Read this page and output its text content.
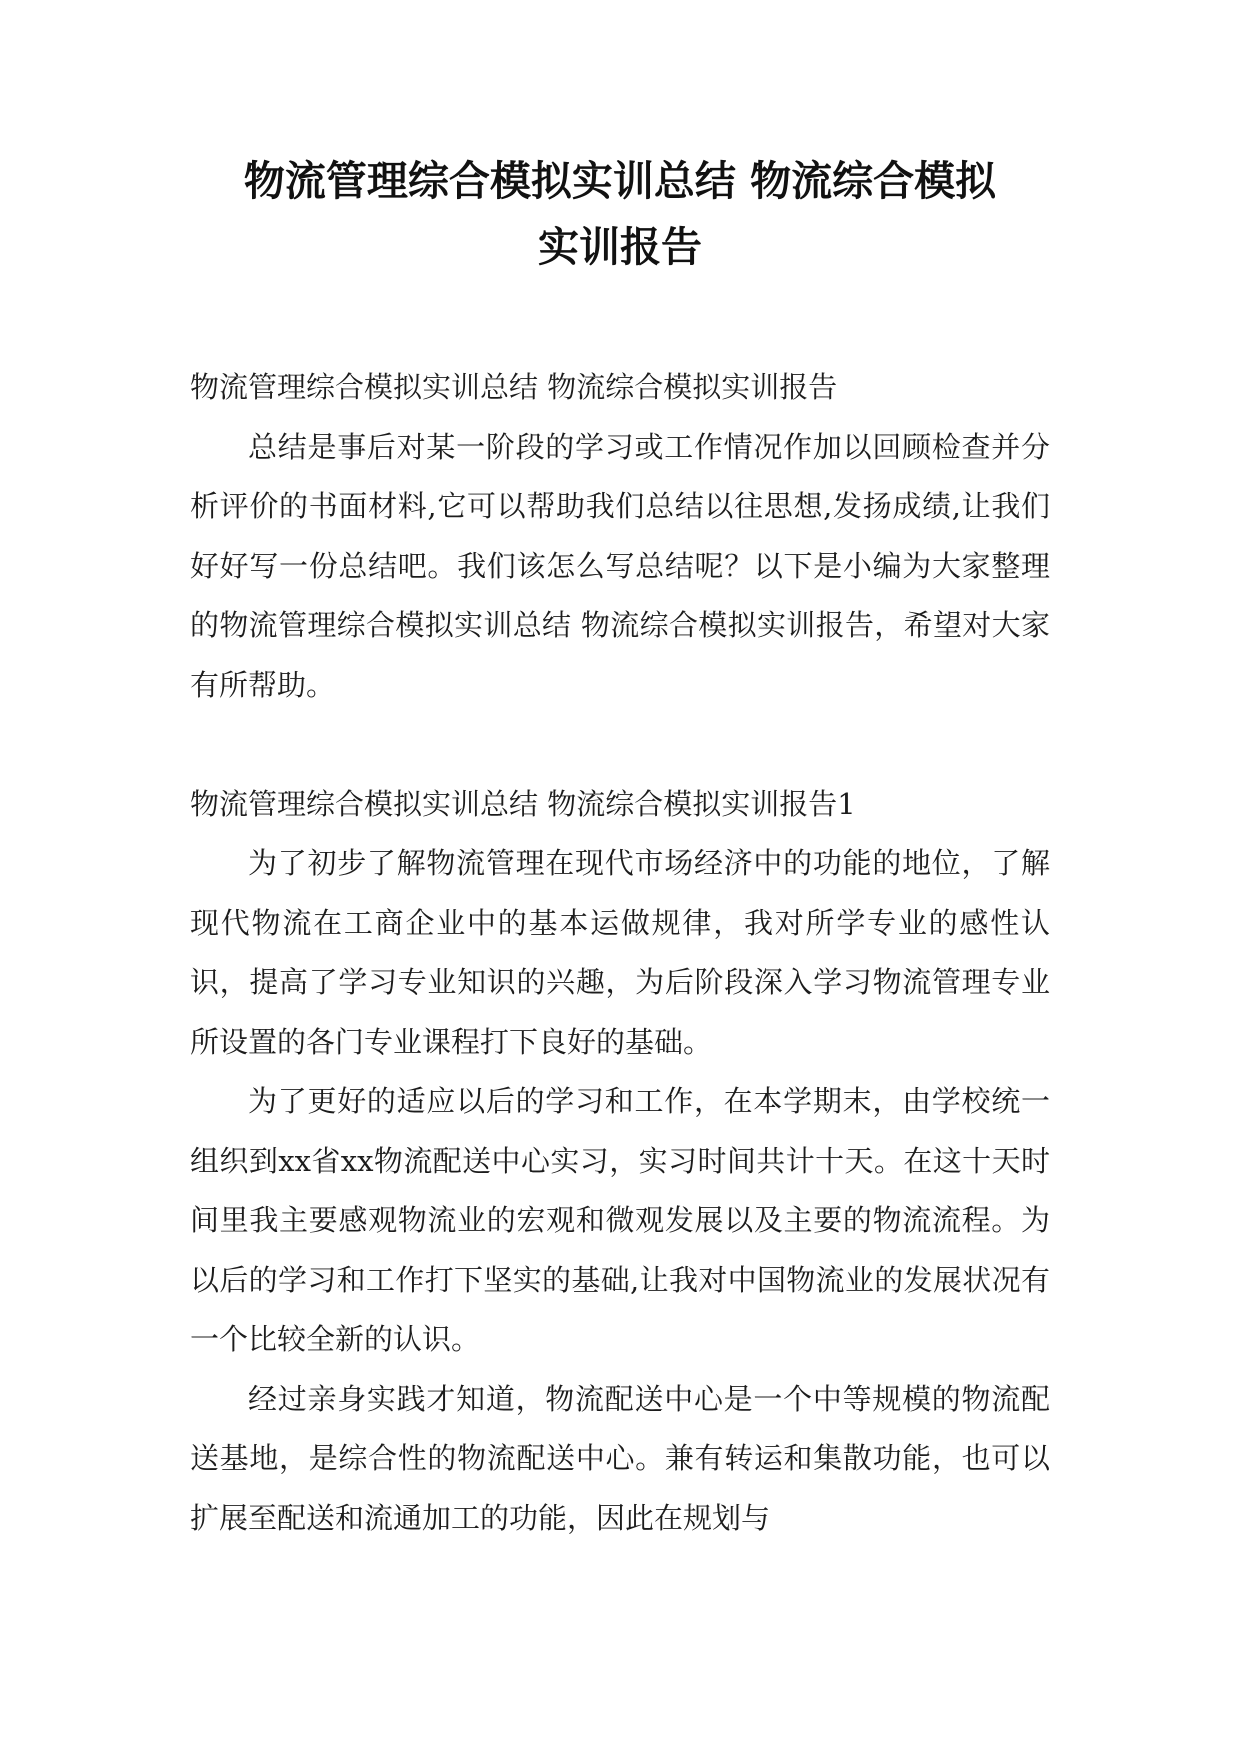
物流管理综合模拟实训总结 物流综合模拟
实训报告

物流管理综合模拟实训总结 物流综合模拟实训报告

总结是事后对某一阶段的学习或工作情况作加以回顾检查并分析评价的书面材料,它可以帮助我们总结以往思想,发扬成绩,让我们好好写一份总结吧。我们该怎么写总结呢？以下是小编为大家整理的物流管理综合模拟实训总结 物流综合模拟实训报告，希望对大家有所帮助。

物流管理综合模拟实训总结 物流综合模拟实训报告1

为了初步了解物流管理在现代市场经济中的功能的地位，了解现代物流在工商企业中的基本运做规律，我对所学专业的感性认识，提高了学习专业知识的兴趣，为后阶段深入学习物流管理专业所设置的各门专业课程打下良好的基础。

为了更好的适应以后的学习和工作，在本学期末，由学校统一组织到xx省xx物流配送中心实习，实习时间共计十天。在这十天时间里我主要感观物流业的宏观和微观发展以及主要的物流流程。为以后的学习和工作打下坚实的基础,让我对中国物流业的发展状况有一个比较全新的认识。

经过亲身实践才知道，物流配送中心是一个中等规模的物流配送基地，是综合性的物流配送中心。兼有转运和集散功能，也可以扩展至配送和流通加工的功能，因此在规划与
